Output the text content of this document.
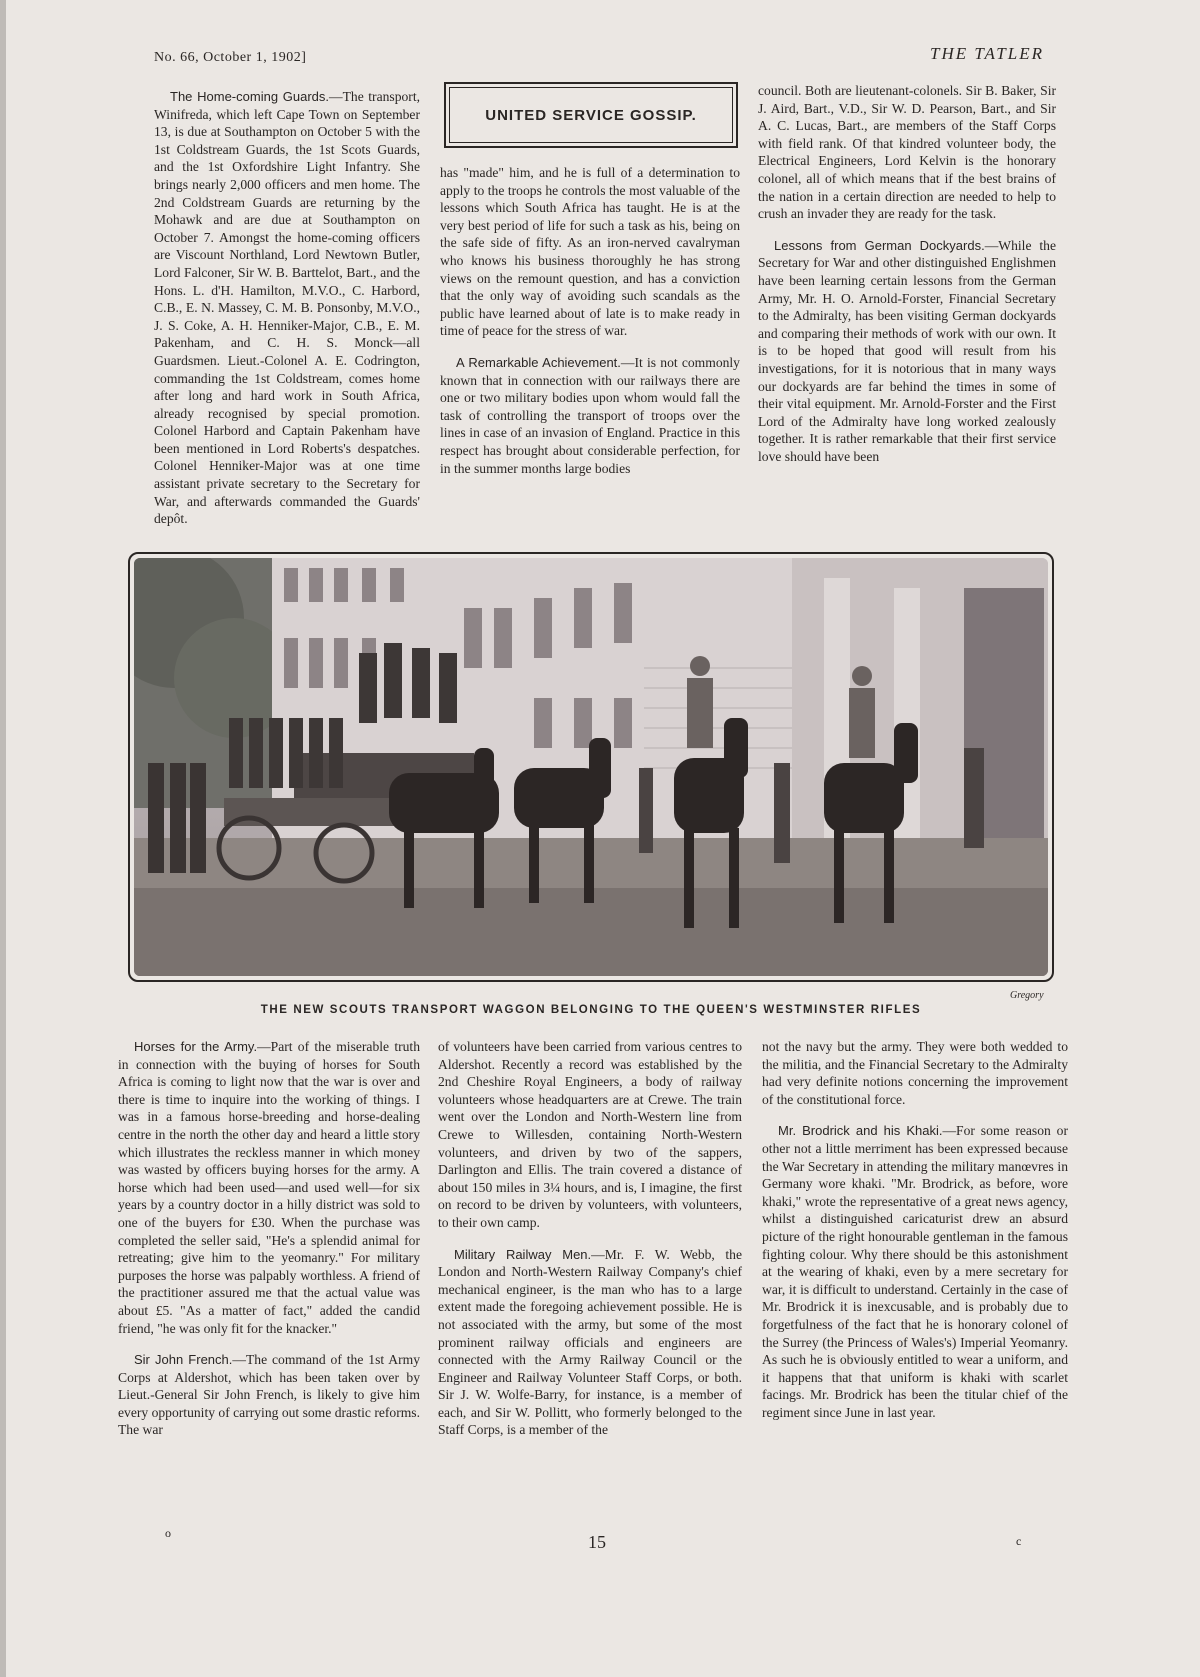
No. 66, October 1, 1902]	THE TATLER

The Home-coming Guards.—The transport, Winifreda, which left Cape Town on September 13, is due at Southampton on October 5 with the 1st Coldstream Guards, the 1st Scots Guards, and the 1st Oxfordshire Light Infantry. She brings nearly 2,000 officers and men home. The 2nd Coldstream Guards are returning by the Mohawk and are due at Southampton on October 7. Amongst the home-coming officers are Viscount Northland, Lord Newtown Butler, Lord Falconer, Sir W. B. Barttelot, Bart., and the Hons. L. d'H. Hamilton, M.V.O., C. Harbord, C.B., E. N. Massey, C. M. B. Ponsonby, M.V.O., J. S. Coke, A. H. Henniker-Major, C.B., E. M. Pakenham, and C. H. S. Monck—all Guardsmen. Lieut.-Colonel A. E. Codrington, commanding the 1st Coldstream, comes home after long and hard work in South Africa, already recognised by special promotion. Colonel Harbord and Captain Pakenham have been mentioned in Lord Roberts's despatches. Colonel Henniker-Major was at one time assistant private secretary to the Secretary for War, and afterwards commanded the Guards' depôt.

UNITED SERVICE GOSSIP.

has "made" him, and he is full of a determination to apply to the troops he controls the most valuable of the lessons which South Africa has taught. He is at the very best period of life for such a task as his, being on the safe side of fifty. As an iron-nerved cavalryman who knows his business thoroughly he has strong views on the remount question, and has a conviction that the only way of avoiding such scandals as the public have learned about of late is to make ready in time of peace for the stress of war.

A Remarkable Achievement.—It is not commonly known that in connection with our railways there are one or two military bodies upon whom would fall the task of controlling the transport of troops over the lines in case of an invasion of England. Practice in this respect has brought about considerable perfection, for in the summer months large bodies

council. Both are lieutenant-colonels. Sir B. Baker, Sir J. Aird, Bart., V.D., Sir W. D. Pearson, Bart., and Sir A. C. Lucas, Bart., are members of the Staff Corps with field rank. Of that kindred volunteer body, the Electrical Engineers, Lord Kelvin is the honorary colonel, all of which means that if the best brains of the nation in a certain direction are needed to help to crush an invader they are ready for the task.

Lessons from German Dockyards.—While the Secretary for War and other distinguished Englishmen have been learning certain lessons from the German Army, Mr. H. O. Arnold-Forster, Financial Secretary to the Admiralty, has been visiting German dockyards and comparing their methods of work with our own. It is to be hoped that good will result from his investigations, for it is notorious that in many ways our dockyards are far behind the times in some of their vital equipment. Mr. Arnold-Forster and the First Lord of the Admiralty have long worked zealously together. It is rather remarkable that their first service love should have been

Gregory
THE NEW SCOUTS TRANSPORT WAGGON BELONGING TO THE QUEEN'S WESTMINSTER RIFLES

Horses for the Army.—Part of the miserable truth in connection with the buying of horses for South Africa is coming to light now that the war is over and there is time to inquire into the working of things. I was in a famous horse-breeding and horse-dealing centre in the north the other day and heard a little story which illustrates the reckless manner in which money was wasted by officers buying horses for the army. A horse which had been used—and used well—for six years by a country doctor in a hilly district was sold to one of the buyers for £30. When the purchase was completed the seller said, "He's a splendid animal for retreating; give him to the yeomanry." For military purposes the horse was palpably worthless. A friend of the practitioner assured me that the actual value was about £5. "As a matter of fact," added the candid friend, "he was only fit for the knacker."

Sir John French.—The command of the 1st Army Corps at Aldershot, which has been taken over by Lieut.-General Sir John French, is likely to give him every opportunity of carrying out some drastic reforms. The war

of volunteers have been carried from various centres to Aldershot. Recently a record was established by the 2nd Cheshire Royal Engineers, a body of railway volunteers whose headquarters are at Crewe. The train went over the London and North-Western line from Crewe to Willesden, containing North-Western volunteers, and driven by two of the sappers, Darlington and Ellis. The train covered a distance of about 150 miles in 3¼ hours, and is, I imagine, the first on record to be driven by volunteers, with volunteers, to their own camp.

Military Railway Men.—Mr. F. W. Webb, the London and North-Western Railway Company's chief mechanical engineer, is the man who has to a large extent made the foregoing achievement possible. He is not associated with the army, but some of the most prominent railway officials and engineers are connected with the Army Railway Council or the Engineer and Railway Volunteer Staff Corps, or both. Sir J. W. Wolfe-Barry, for instance, is a member of each, and Sir W. Pollitt, who formerly belonged to the Staff Corps, is a member of the

not the navy but the army. They were both wedded to the militia, and the Financial Secretary to the Admiralty had very definite notions concerning the improvement of the constitutional force.

Mr. Brodrick and his Khaki.—For some reason or other not a little merriment has been expressed because the War Secretary in attending the military manœvres in Germany wore khaki. "Mr. Brodrick, as before, wore khaki," wrote the representative of a great news agency, whilst a distinguished caricaturist drew an absurd picture of the right honourable gentleman in the famous fighting colour. Why there should be this astonishment at the wearing of khaki, even by a mere secretary for war, it is difficult to understand. Certainly in the case of Mr. Brodrick it is inexcusable, and is probably due to forgetfulness of the fact that he is honorary colonel of the Surrey (the Princess of Wales's) Imperial Yeomanry. As such he is obviously entitled to wear a uniform, and it happens that that uniform is khaki with scarlet facings. Mr. Brodrick has been the titular chief of the regiment since June in last year.

o	15	c
